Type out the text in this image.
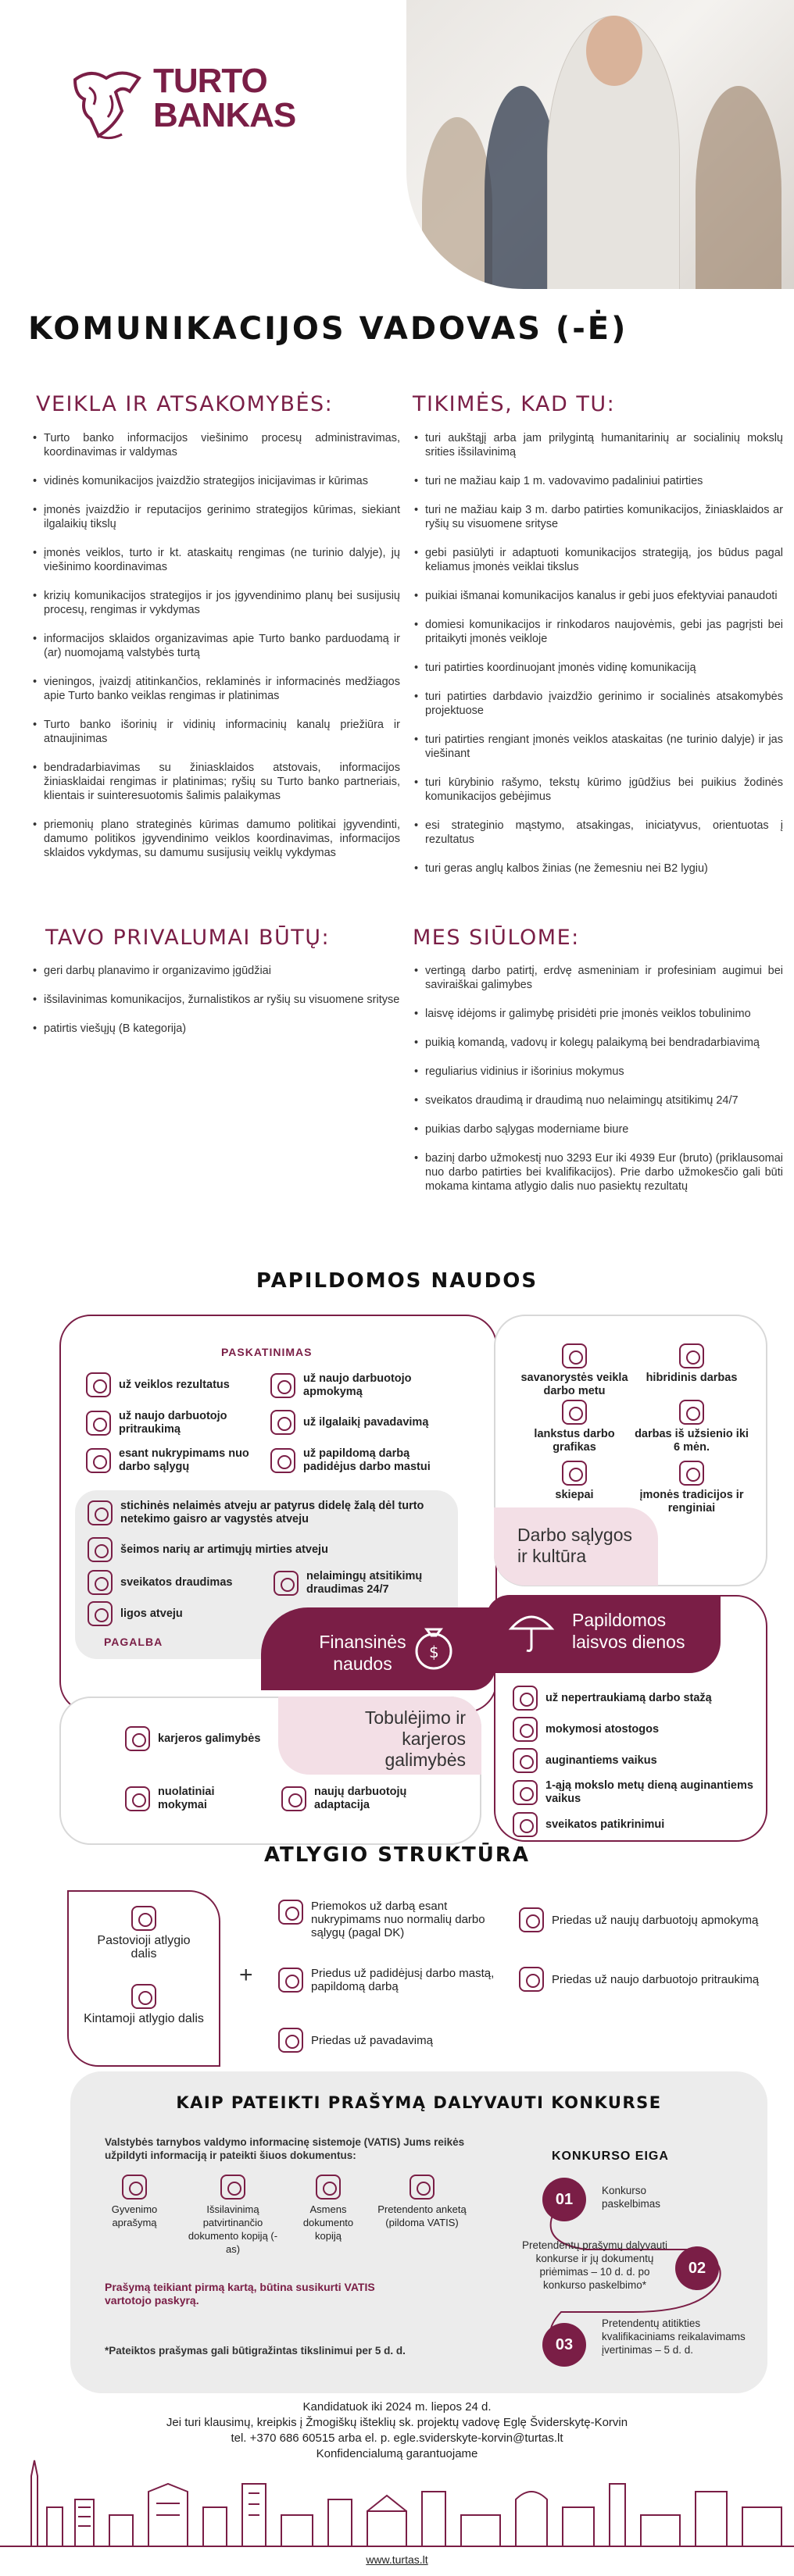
TURTO
BANKAS
KOMUNIKACIJOS VADOVAS (-Ė)
VEIKLA IR ATSAKOMYBĖS:
• Turto banko informacijos viešinimo procesų administravimas, koordinavimas ir valdymas
• vidinės komunikacijos įvaizdžio strategijos inicijavimas ir kūrimas
• įmonės įvaizdžio ir reputacijos gerinimo strategijos kūrimas, siekiant ilgalaikių tikslų
• įmonės veiklos, turto ir kt. ataskaitų rengimas (ne turinio dalyje), jų viešinimo koordinavimas
• krizių komunikacijos strategijos ir jos įgyvendinimo planų bei susijusių procesų, rengimas ir vykdymas
• informacijos sklaidos organizavimas apie Turto banko parduodamą ir (ar) nuomojamą valstybės turtą
• vieningos, įvaizdį atitinkančios, reklaminės ir informacinės medžiagos apie Turto banko veiklas rengimas ir platinimas
• Turto banko išorinių ir vidinių informacinių kanalų priežiūra ir atnaujinimas
• bendradarbiavimas su žiniasklaidos atstovais, informacijos žiniasklaidai rengimas ir platinimas; ryšių su Turto banko partneriais, klientais ir suinteresuotomis šalimis palaikymas
• priemonių plano strateginės kūrimas damumo politikai įgyvendinti, damumo politikos įgyvendinimo veiklos koordinavimas, informacijos sklaidos vykdymas, su damumu susijusių veiklų vykdymas
TIKIMĖS, KAD TU:
• turi aukštąjį arba jam prilygintą humanitarinių ar socialinių mokslų srities išsilavinimą
• turi ne mažiau kaip 1 m. vadovavimo padaliniui patirties
• turi ne mažiau kaip 3 m. darbo patirties komunikacijos, žiniasklaidos ar ryšių su visuomene srityse
• gebi pasiūlyti ir adaptuoti komunikacijos strategiją, jos būdus pagal keliamus įmonės veiklai tikslus
• puikiai išmanai komunikacijos kanalus ir gebi juos efektyviai panaudoti
• domiesi komunikacijos ir rinkodaros naujovėmis, gebi jas pagrįsti bei pritaikyti įmonės veikloje
• turi patirties koordinuojant įmonės vidinę komunikaciją
• turi patirties darbdavio įvaizdžio gerinimo ir socialinės atsakomybės projektuose
• turi patirties rengiant įmonės veiklos ataskaitas (ne turinio dalyje) ir jas viešinant
• turi kūrybinio rašymo, tekstų kūrimo įgūdžius bei puikius žodinės komunikacijos gebėjimus
• esi strateginio mąstymo, atsakingas, iniciatyvus, orientuotas į rezultatus
• turi geras anglų kalbos žinias (ne žemesniu nei B2 lygiu)
TAVO PRIVALUMAI BŪTŲ:
• geri darbų planavimo ir organizavimo įgūdžiai
• išsilavinimas komunikacijos, žurnalistikos ar ryšių su visuomene srityse
• patirtis viešųjų (B kategorija)
MES SIŪLOME:
• vertingą darbo patirtį, erdvę asmeniniam ir profesiniam augimui bei saviraiškai galimybes
• laisvę idėjoms ir galimybę prisidėti prie įmonės veiklos tobulinimo
• puikią komandą, vadovų ir kolegų palaikymą bei bendradarbiavimą
• reguliarius vidinius ir išorinius mokymus
• sveikatos draudimą ir draudimą nuo nelaimingų atsitikimų 24/7
• puikias darbo sąlygas moderniame biure
• bazinį darbo užmokestį nuo 3293 Eur iki 4939 Eur (bruto) (priklausomai nuo darbo patirties bei kvalifikacijos). Prie darbo užmokesčio gali būti mokama kintama atlygio dalis nuo pasiektų rezultatų
PAPILDOMOS NAUDOS
PASKATINIMAS
už veiklos rezultatus
už naujo darbuotojo pritraukimą
esant nukrypimams nuo darbo sąlygų
už naujo darbuotojo apmokymą
už ilgalaikį pavadavimą
už papildomą darbą padidėjus darbo mastui
stichinės nelaimės atveju ar patyrus didelę žalą dėl turto netekimo gaisro ar vagystės atveju
šeimos narių ar artimųjų mirties atveju
sveikatos draudimas
ligos atveju
nelaimingų atsitikimų draudimas 24/7
PAGALBA	Finansinės naudos
$
savanorystės veikla darbo metu
hibridinis darbas
lankstus darbo grafikas
darbas iš užsienio iki 6 mėn.
skiepai	įmonės tradicijos ir renginiai
Darbo sąlygos ir kultūra
Papildomos laisvos dienos
už nepertraukiamą darbo stažą
mokymosi atostogos
auginantiems vaikus
1-ąją mokslo metų dieną auginantiems vaikus
sveikatos patikrinimui
Tobulėjimo ir karjeros galimybės
karjeros galimybės
nuolatiniai mokymai
naujų darbuotojų adaptacija
ATLYGIO STRUKTŪRA
Pastovioji atlygio dalis
Kintamoji atlygio dalis
+
Priemokos už darbą esant nukrypimams nuo normalių darbo sąlygų (pagal DK)
Priedas už naujų darbuotojų apmokymą
Priedus už padidėjusį darbo mastą, papildomą darbą
Priedas už naujo darbuotojo pritraukimą
Priedas už pavadavimą
KAIP PATEIKTI PRAŠYMĄ DALYVAUTI KONKURSE
Valstybės tarnybos valdymo informacinę sistemoje (VATIS) Jums reikės užpildyti informaciją ir pateikti šiuos dokumentus:
Gyvenimo aprašymą
Išsilavinimą patvirtinančio dokumento kopiją (-as)
Asmens dokumento kopiją
Pretendento anketą (pildoma VATIS)
Prašymą teikiant pirmą kartą, būtina susikurti VATIS vartotojo paskyrą.
*Pateiktos prašymas gali būtigražintas tikslinimui per 5 d. d.
KONKURSO EIGA
01
Konkurso paskelbimas
02
Pretendentų prašymų dalyvauti konkurse ir jų dokumentų priėmimas – 10 d. d. po konkurso paskelbimo*
03
Pretendentų atitikties kvalifikaciniams reikalavimams įvertinimas – 5 d. d.
Kandidatuok iki 2024 m. liepos 24 d.
Jei turi klausimų, kreipkis į Žmogiškų išteklių sk. projektų vadovę Eglę Šviderskytę-Korvin
tel. +370 686 60515 arba el. p. egle.sviderskyte-korvin@turtas.lt
Konfidencialumą garantuojame
www.turtas.lt
